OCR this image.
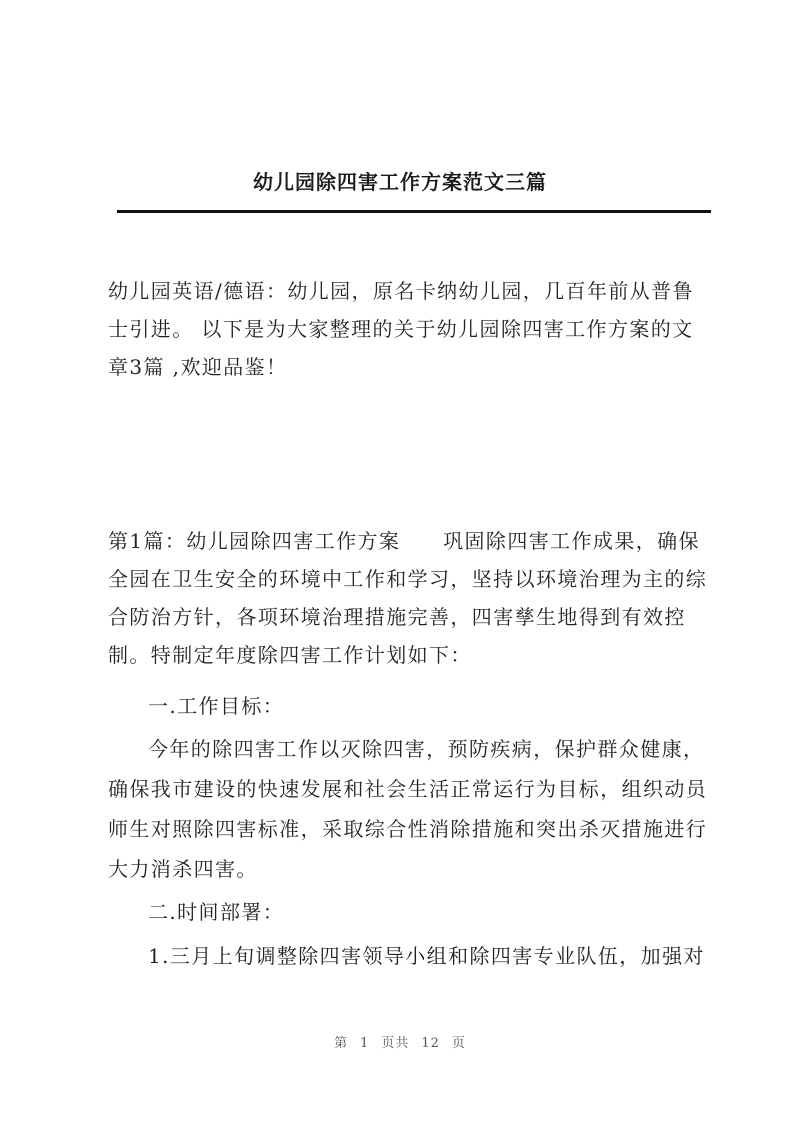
幼儿园除四害工作方案范文三篇
幼儿园英语/德语：幼儿园，原名卡纳幼儿园，几百年前从普鲁
士引进。 以下是为大家整理的关于幼儿园除四害工作方案的文
章3篇 ,欢迎品鉴！
第1篇：幼儿园除四害工作方案　　巩固除四害工作成果，确保
全园在卫生安全的环境中工作和学习，坚持以环境治理为主的综
合防治方针，各项环境治理措施完善，四害孳生地得到有效控
制。特制定年度除四害工作计划如下：
一.工作目标：
今年的除四害工作以灭除四害，预防疾病，保护群众健康，
确保我市建设的快速发展和社会生活正常运行为目标，组织动员
师生对照除四害标准，采取综合性消除措施和突出杀灭措施进行
大力消杀四害。
二.时间部署：
1.三月上旬调整除四害领导小组和除四害专业队伍，加强对
第 1 页共 12 页
